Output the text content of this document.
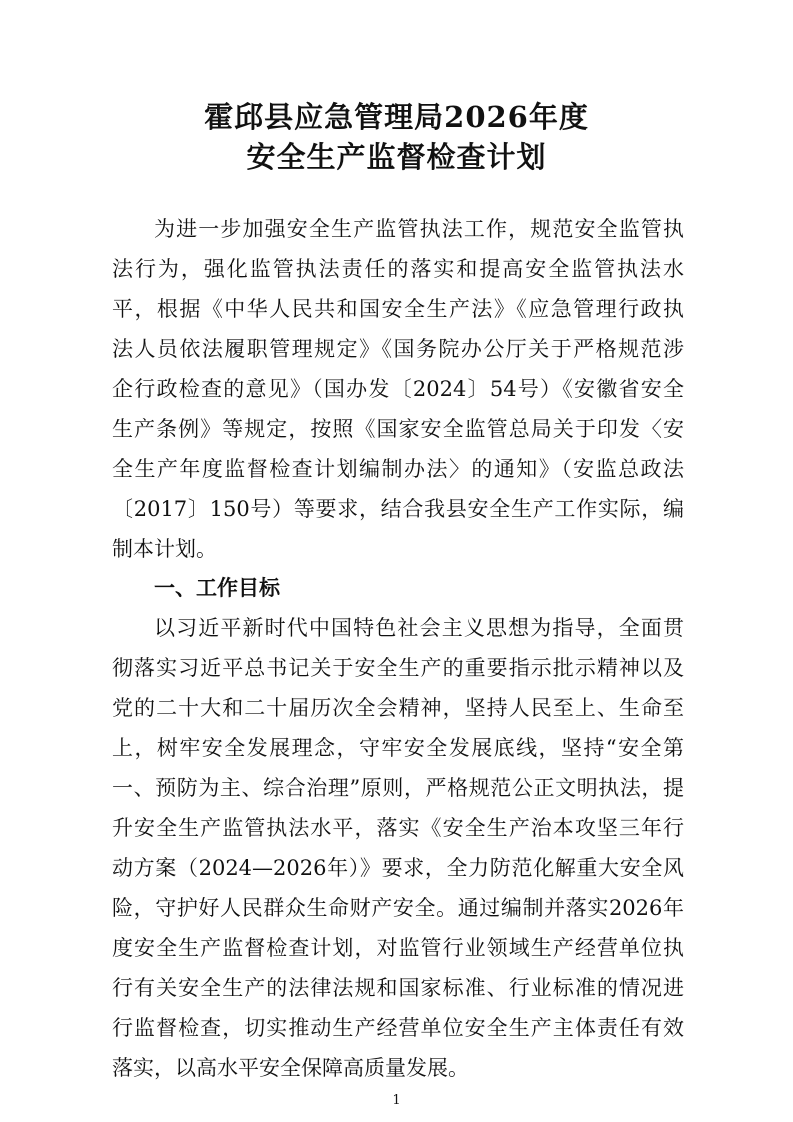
霍邱县应急管理局2026年度
安全生产监督检查计划
为进一步加强安全生产监管执法工作，规范安全监管执
法行为，强化监管执法责任的落实和提高安全监管执法水
平，根据《中华人民共和国安全生产法》《应急管理行政执
法人员依法履职管理规定》《国务院办公厅关于严格规范涉
企行政检查的意见》（国办发〔2024〕54号）《安徽省安全
生产条例》等规定，按照《国家安全监管总局关于印发〈安
全生产年度监督检查计划编制办法〉的通知》（安监总政法
〔2017〕150号）等要求，结合我县安全生产工作实际，编
制本计划。
一、工作目标
以习近平新时代中国特色社会主义思想为指导，全面贯
彻落实习近平总书记关于安全生产的重要指示批示精神以及
党的二十大和二十届历次全会精神，坚持人民至上、生命至
上，树牢安全发展理念，守牢安全发展底线，坚持“安全第
一、预防为主、综合治理”原则，严格规范公正文明执法，提
升安全生产监管执法水平，落实《安全生产治本攻坚三年行
动方案（2024—2026年）》要求，全力防范化解重大安全风
险，守护好人民群众生命财产安全。通过编制并落实2026年
度安全生产监督检查计划，对监管行业领域生产经营单位执
行有关安全生产的法律法规和国家标准、行业标准的情况进
行监督检查，切实推动生产经营单位安全生产主体责任有效
落实，以高水平安全保障高质量发展。
1
